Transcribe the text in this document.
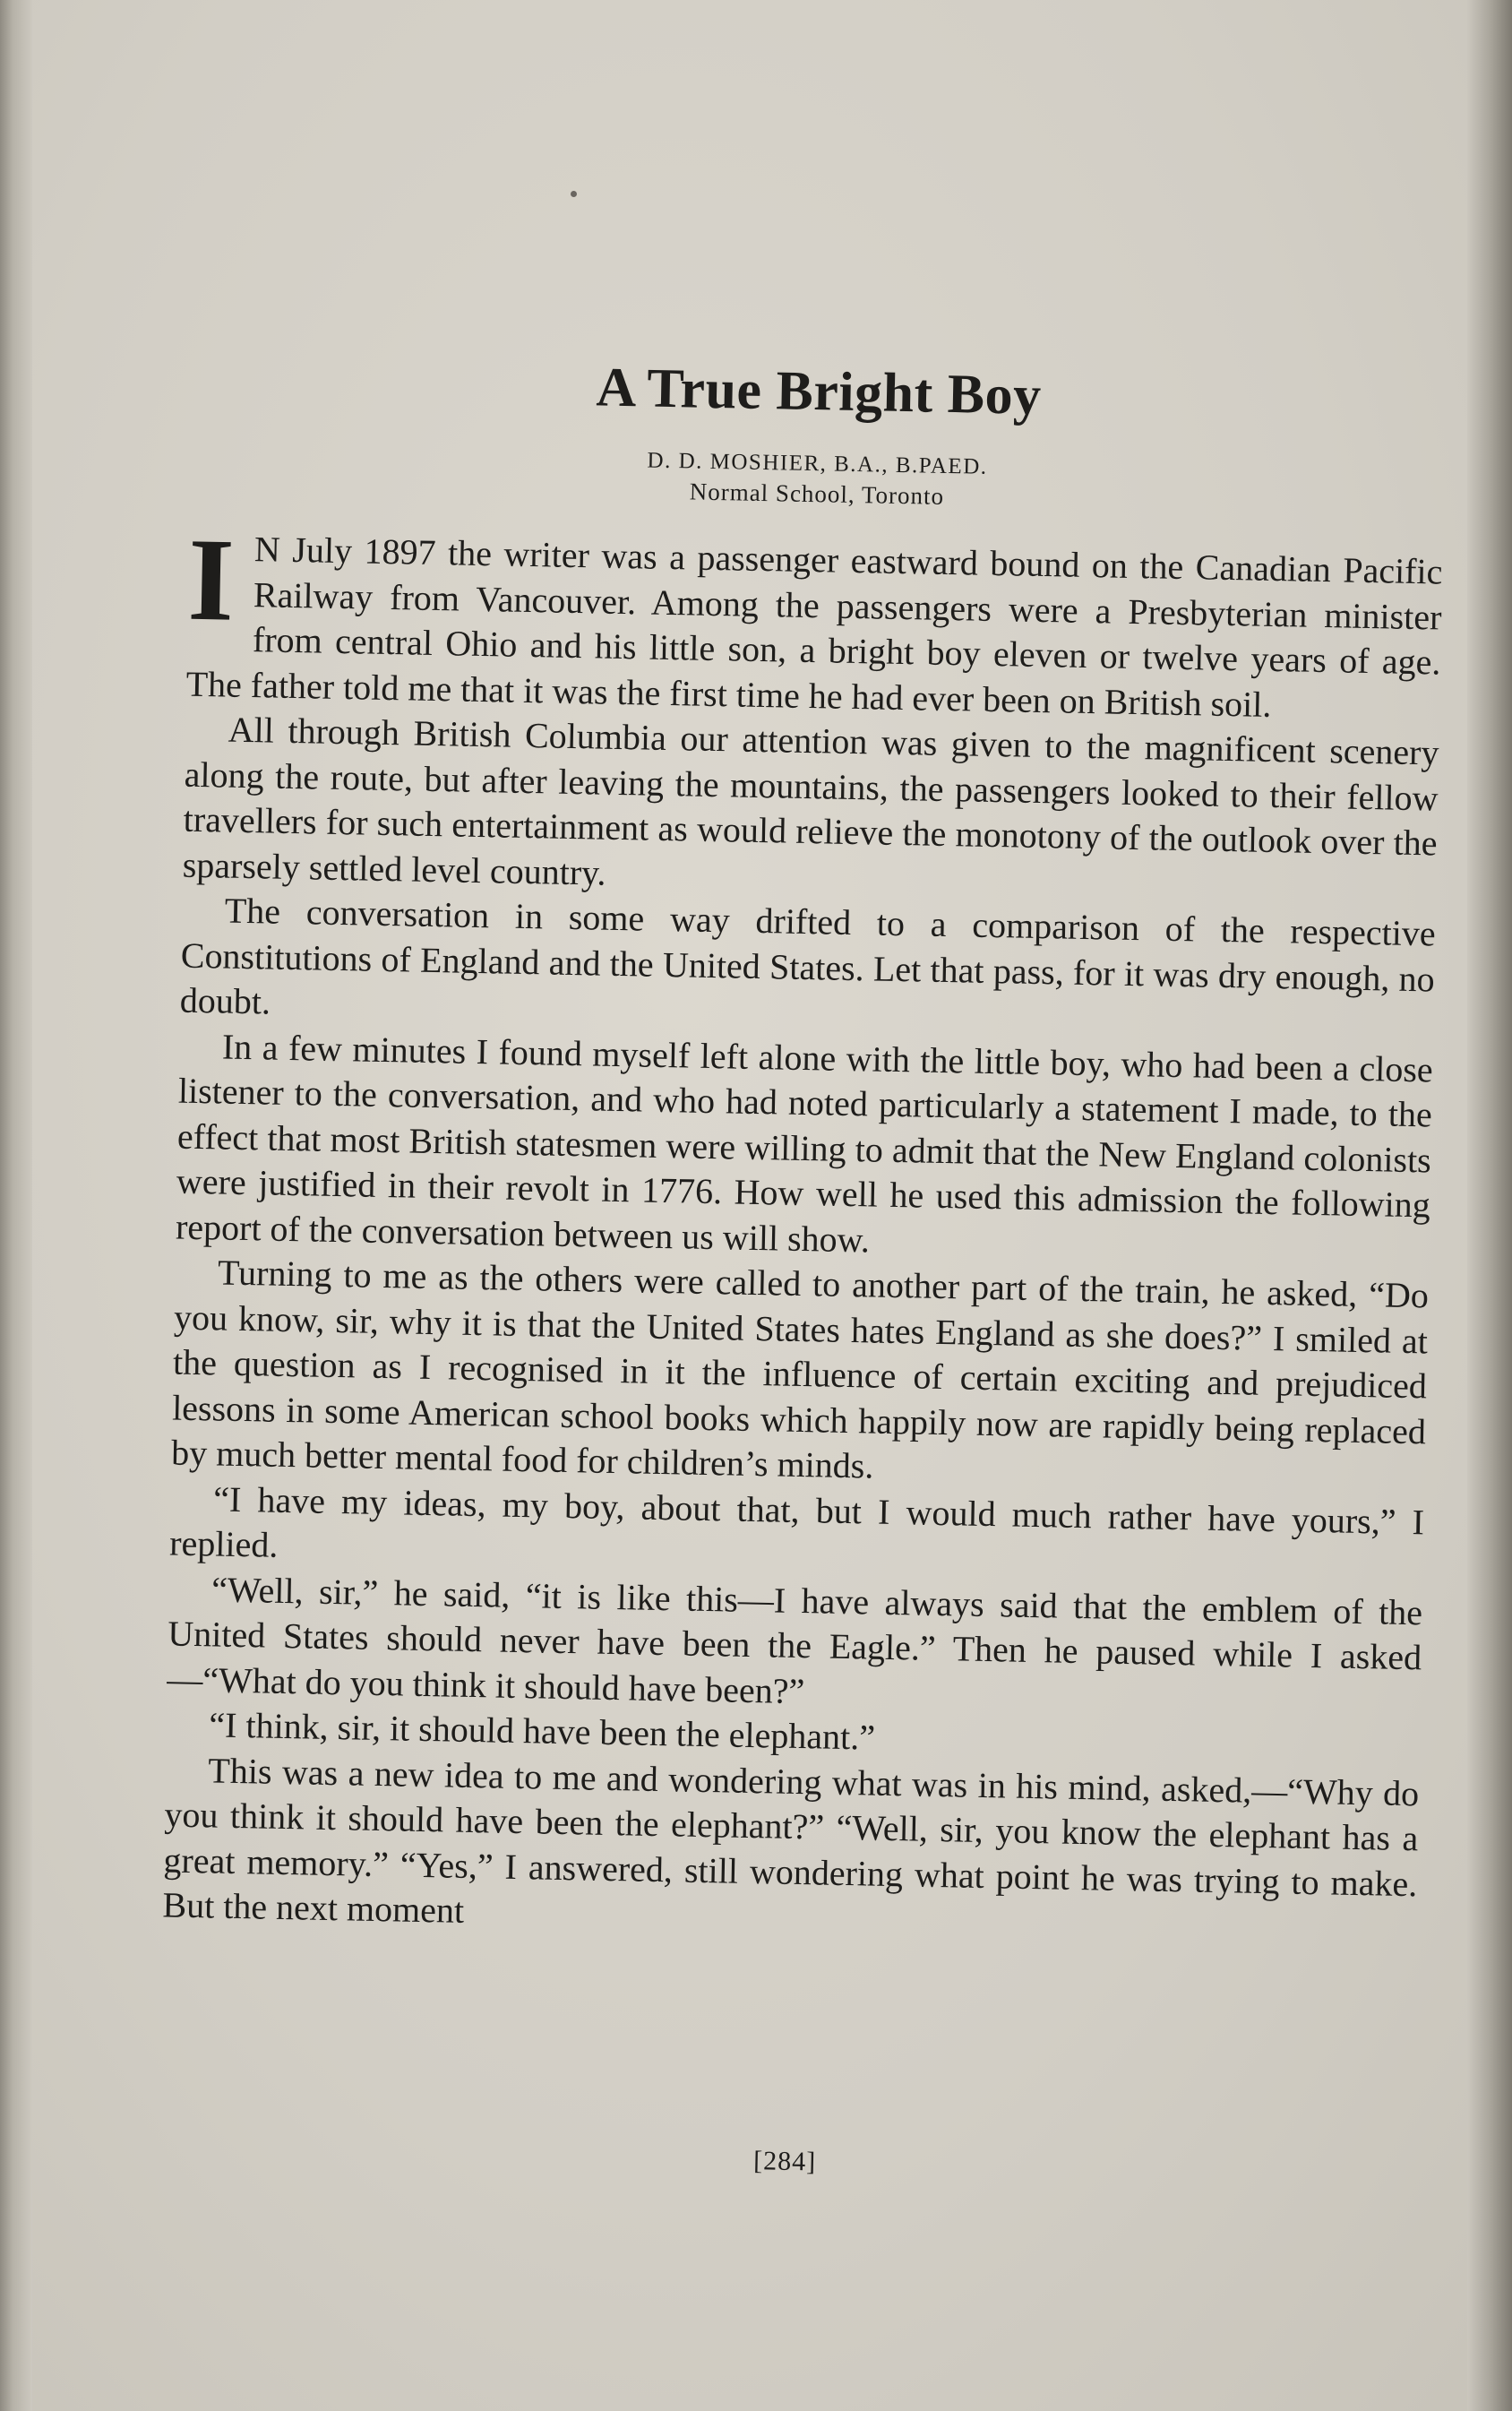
A True Bright Boy
D. D. MOSHIER, B.A., B.PAED.
Normal School, Toronto

I N July 1897 the writer was a passenger eastward bound on the Canadian Pacific Railway from Vancouver. Among the passengers were a Presbyterian minister from central Ohio and his little son, a bright boy eleven or twelve years of age. The father told me that it was the first time he had ever been on British soil.

All through British Columbia our attention was given to the magnificent scenery along the route, but after leaving the mountains, the passengers looked to their fellow travellers for such entertainment as would relieve the monotony of the outlook over the sparsely settled level country.

The conversation in some way drifted to a comparison of the respective Constitutions of England and the United States. Let that pass, for it was dry enough, no doubt.

In a few minutes I found myself left alone with the little boy, who had been a close listener to the conversation, and who had noted particularly a statement I made, to the effect that most British statesmen were willing to admit that the New England colonists were justified in their revolt in 1776. How well he used this admission the following report of the conversation between us will show.

Turning to me as the others were called to another part of the train, he asked, “Do you know, sir, why it is that the United States hates England as she does?” I smiled at the question as I recognised in it the influence of certain exciting and prejudiced lessons in some American school books which happily now are rapidly being replaced by much better mental food for children’s minds.

“I have my ideas, my boy, about that, but I would much rather have yours,” I replied.

“Well, sir,” he said, “it is like this—I have always said that the emblem of the United States should never have been the Eagle.” Then he paused while I asked—“What do you think it should have been?”

“I think, sir, it should have been the elephant.”

This was a new idea to me and wondering what was in his mind, asked,—“Why do you think it should have been the elephant?” “Well, sir, you know the elephant has a great memory.” “Yes,” I answered, still wondering what point he was trying to make. But the next moment

[284]
